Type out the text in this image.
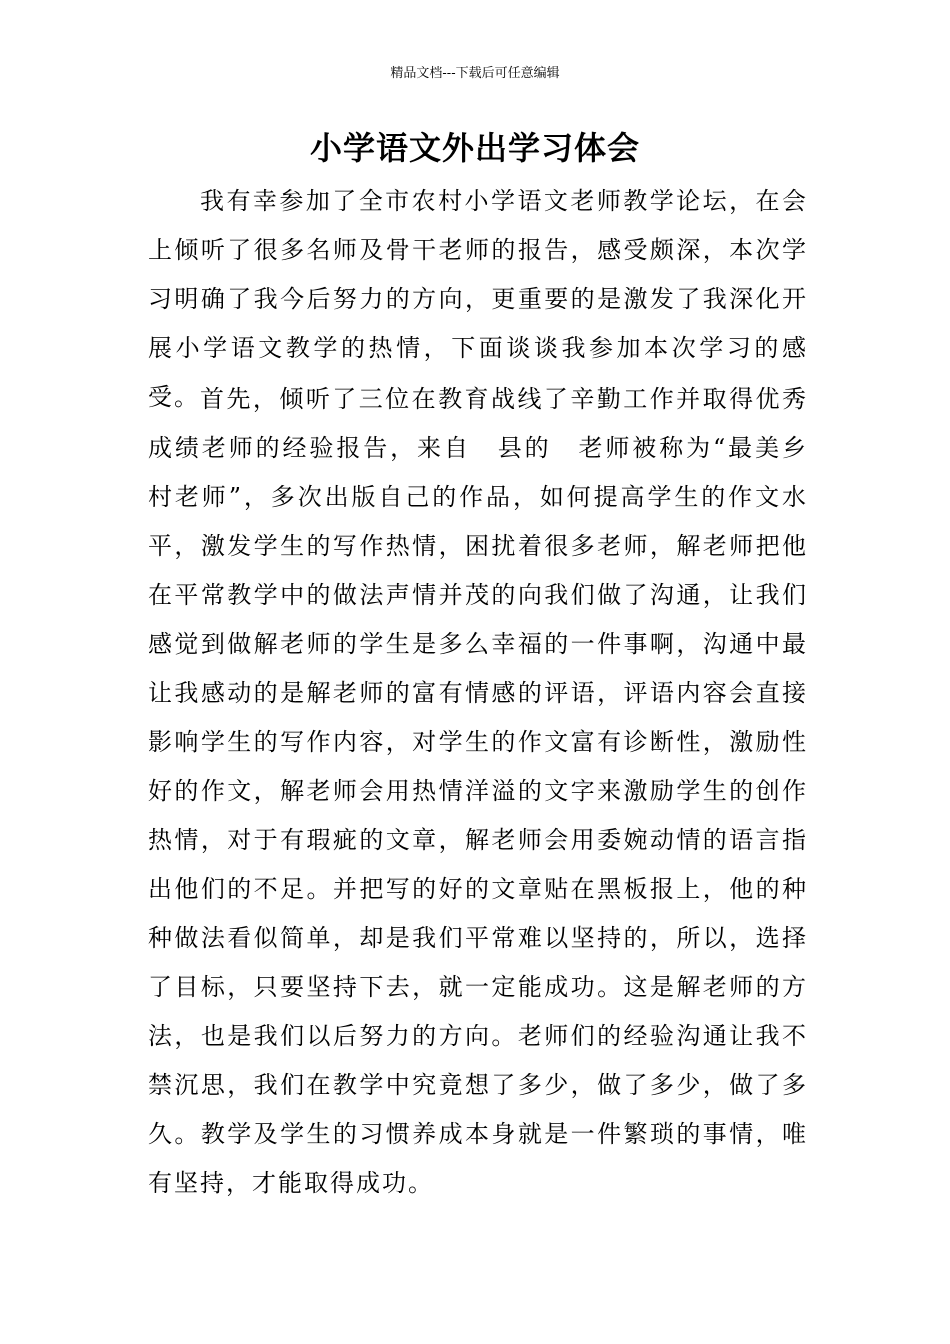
精品文档---下载后可任意编辑
小学语文外出学习体会

我有幸参加了全市农村小学语文老师教学论坛，在会上倾听了很多名师及骨干老师的报告，感受颇深，本次学习明确了我今后努力的方向，更重要的是激发了我深化开展小学语文教学的热情，下面谈谈我参加本次学习的感受。 首先，倾听了三位在教育战线了辛勤工作并取得优秀成绩老师的经验报告，来自　县的　老师被称为“最美乡村老师”，多次出版自己的作品，如何提高学生的作文水平，激发学生的写作热情，困扰着很多老师，解老师把他在平常教学中的做法声情并茂的向我们做了沟通，让我们感觉到做解老师的学生是多么幸福的一件事啊，沟通中最让我感动的是解老师的富有情感的评语，评语内容会直接影响学生的写作内容，对学生的作文富有诊断性，激励性好的作文，解老师会用热情洋溢的文字来激励学生的创作热情，对于有瑕疵的文章，解老师会用委婉动情的语言指出他们的不足。并把写的好的文章贴在黑板报上，他的种种做法看似简单，却是我们平常难以坚持的，所以，选择了目标，只要坚持下去，就一定能成功。这是解老师的方法，也是我们以后努力的方向。老师们的经验沟通让我不禁沉思，我们在教学中究竟想了多少，做了多少，做了多久。教学及学生的习惯养成本身就是一件繁琐的事情，唯有坚持，才能取得成功。
